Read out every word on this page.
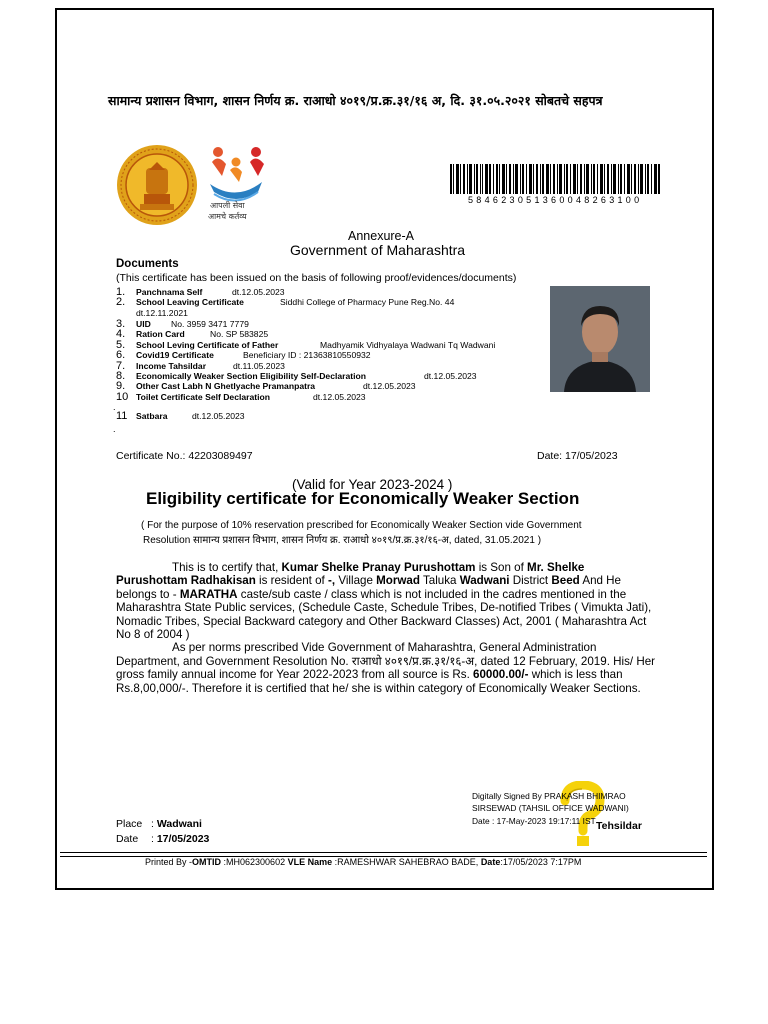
सामान्य प्रशासन विभाग, शासन निर्णय क्र. राआधो ४०१९/प्र.क्र.३१/१६ अ, दि. ३१.०५.२०२१ सोबतचे सहपत्र
आपली सेवा
आमचे कर्तव्य
584623051360048263100
Annexure-A
Government of Maharashtra
Documents
(This certificate has been issued on the basis of following proof/evidences/documents)
1. Panchnama Self	dt.12.05.2023
2. School Leaving Certificate	Siddhi College of Pharmacy Pune Reg.No. 44
dt.12.11.2021
3. UID No. 3959 3471 7779
4. Ration Card	No. SP 583825
5. School Leving Certificate of Father	Madhyamik Vidhyalaya Wadwani Tq Wadwani
6. Covid19 Certificate	Beneficiary ID : 21363810550932
7. Income Tahsildar	dt.11.05.2023
8. Economically Weaker Section Eligibility Self-Declaration	dt.12.05.2023
9. Other Cast Labh N Ghetlyache Pramanpatra	dt.12.05.2023
10 Toilet Certificate Self Declaration	dt.12.05.2023
.
11 Satbara	dt.12.05.2023
.
Certificate No.: 42203089497	Date: 17/05/2023
(Valid for Year 2023-2024 )
Eligibility certificate for Economically Weaker Section
( For the purpose of 10% reservation prescribed for Economically Weaker Section vide Government
Resolution सामान्य प्रशासन विभाग, शासन निर्णय क्र. राआधो ४०१९/प्र.क्र.३१/१६-अ, dated, 31.05.2021 )

This is to certify that, Kumar Shelke Pranay Purushottam is Son of Mr. Shelke Purushottam Radhakisan is resident of -, Village Morwad Taluka Wadwani District Beed And He belongs to - MARATHA caste/sub caste / class which is not included in the cadres mentioned in the Maharashtra State Public services, (Schedule Caste, Schedule Tribes, De-notified Tribes ( Vimukta Jati), Nomadic Tribes, Special Backward category and Other Backward Classes) Act, 2001 ( Maharashtra Act No 8 of 2004 )

As per norms prescribed Vide Government of Maharashtra, General Administration Department, and Government Resolution No. राआधो ४०१९/प्र.क्र.३१/१६-अ, dated 12 February, 2019. His/ Her gross family annual income for Year 2022-2023 from all source is Rs. 60000.00/- which is less than Rs.8,00,000/-. Therefore it is certified that he/ she is within category of Economically Weaker Sections.

Digitally Signed By PRAKASH BHIMRAO
SIRSEWAD (TAHSIL OFFICE WADWANI)
Date : 17-May-2023 19:17:11 IST Tehsildar
Place : Wadwani
Date : 17/05/2023
Printed By -OMTID :MH062300602 VLE Name :RAMESHWAR SAHEBRAO BADE, Date:17/05/2023 7:17PM
